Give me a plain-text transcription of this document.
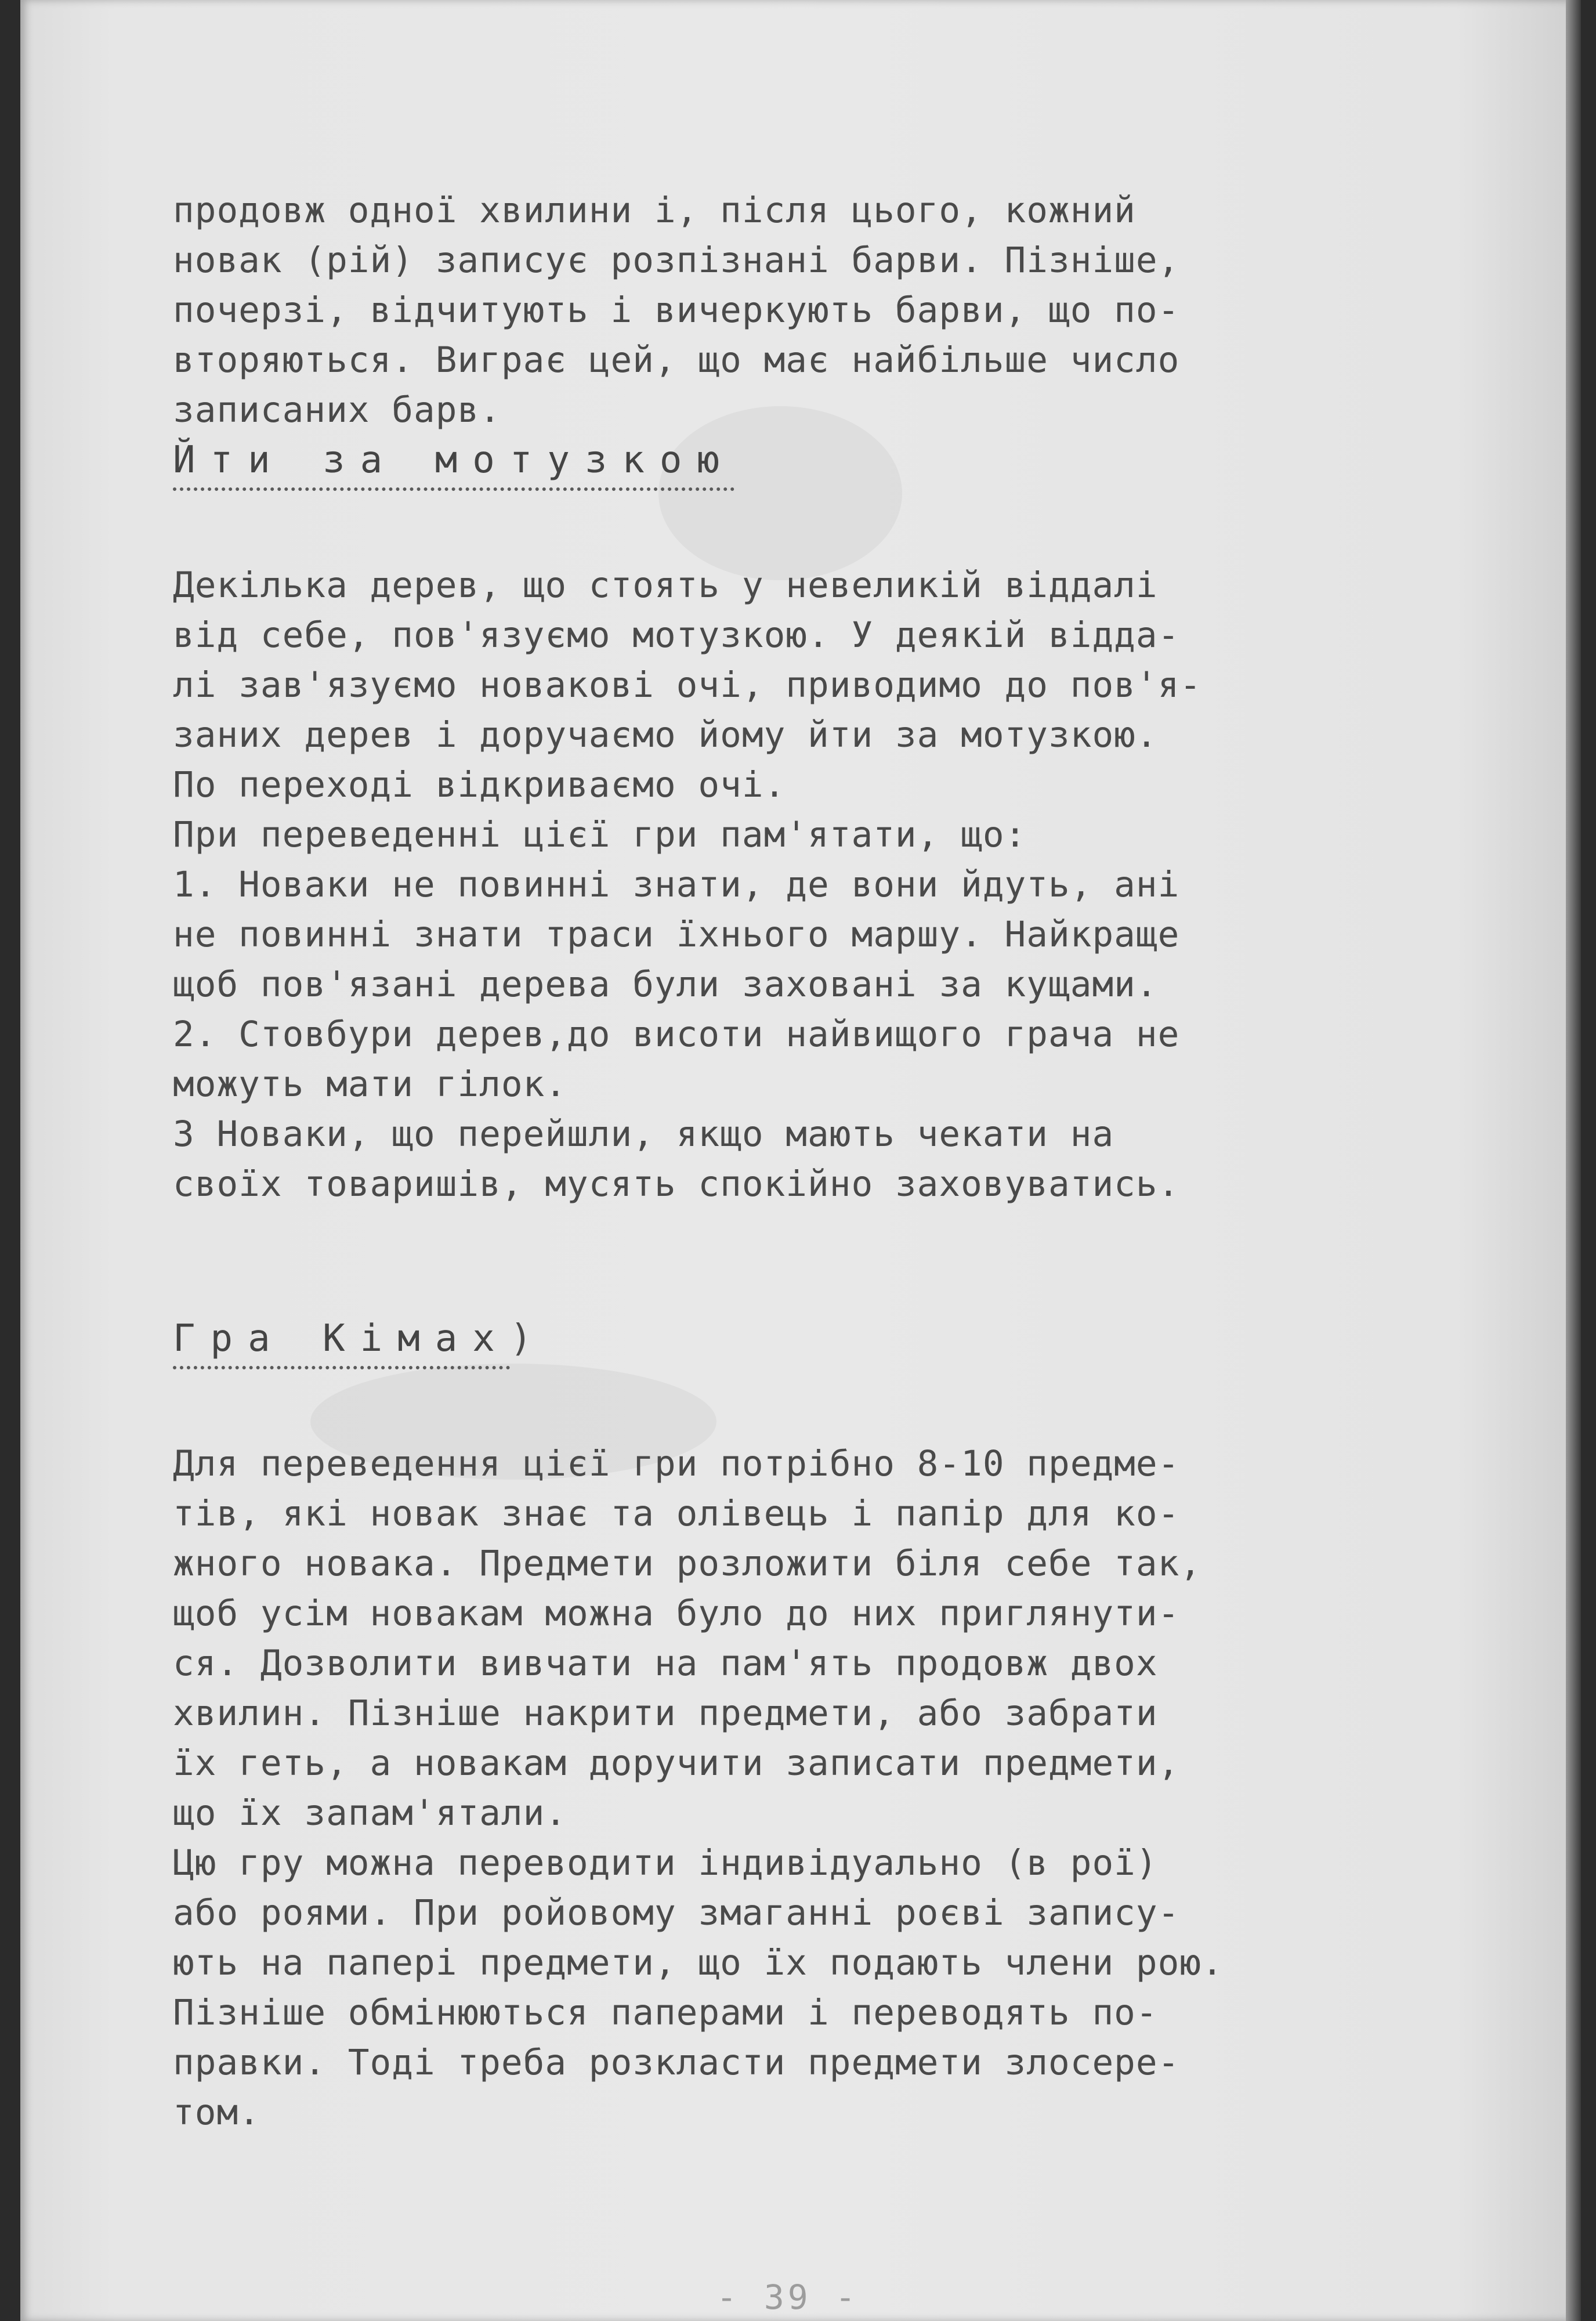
продовж одної хвилини і, після цього, кожний
новак (рій) записує розпізнані барви. Пізніше,
почерзі, відчитують і вичеркують барви, що по-
вторяються. Виграє цей, що має найбільше число
записаних барв.

Йти за мотузкою

Декілька дерев, що стоять у невеликій віддалі
від себе, пов'язуємо мотузкою. У деякій відда-
лі зав'язуємо новакові очі, приводимо до пов'я-
заних дерев і доручаємо йому йти за мотузкою.
По переході відкриваємо очі.

При переведенні цієї гри пам'ятати, що:
1. Новаки не повинні знати, де вони йдуть, ані
не повинні знати траси їхнього маршу. Найкраще
щоб пов'язані дерева були заховані за кущами.
2. Стовбури дерев,до висоти найвищого грача не
можуть мати гілок.
3 Новаки, що перейшли, якщо мають чекати на
своїх товаришів, мусять спокійно заховуватись.

Гра Кімах)

Для переведення цієї гри потрібно 8-10 предме-
тів, які новак знає та олівець і папір для ко-
жного новака. Предмети розложити біля себе так,
щоб усім новакам можна було до них приглянути-
ся. Дозволити вивчати на пам'ять продовж двох
хвилин. Пізніше накрити предмети, або забрати
їх геть, а новакам доручити записати предмети,
що їх запам'ятали.
Цю гру можна переводити індивідуально (в рої)
або роями. При ройовому змаганні роєві запису-
ють на папері предмети, що їх подають члени рою.
Пізніше обмінюються паперами і переводять по-
правки. Тоді треба розкласти предмети злосере-
том.

- 39 -
